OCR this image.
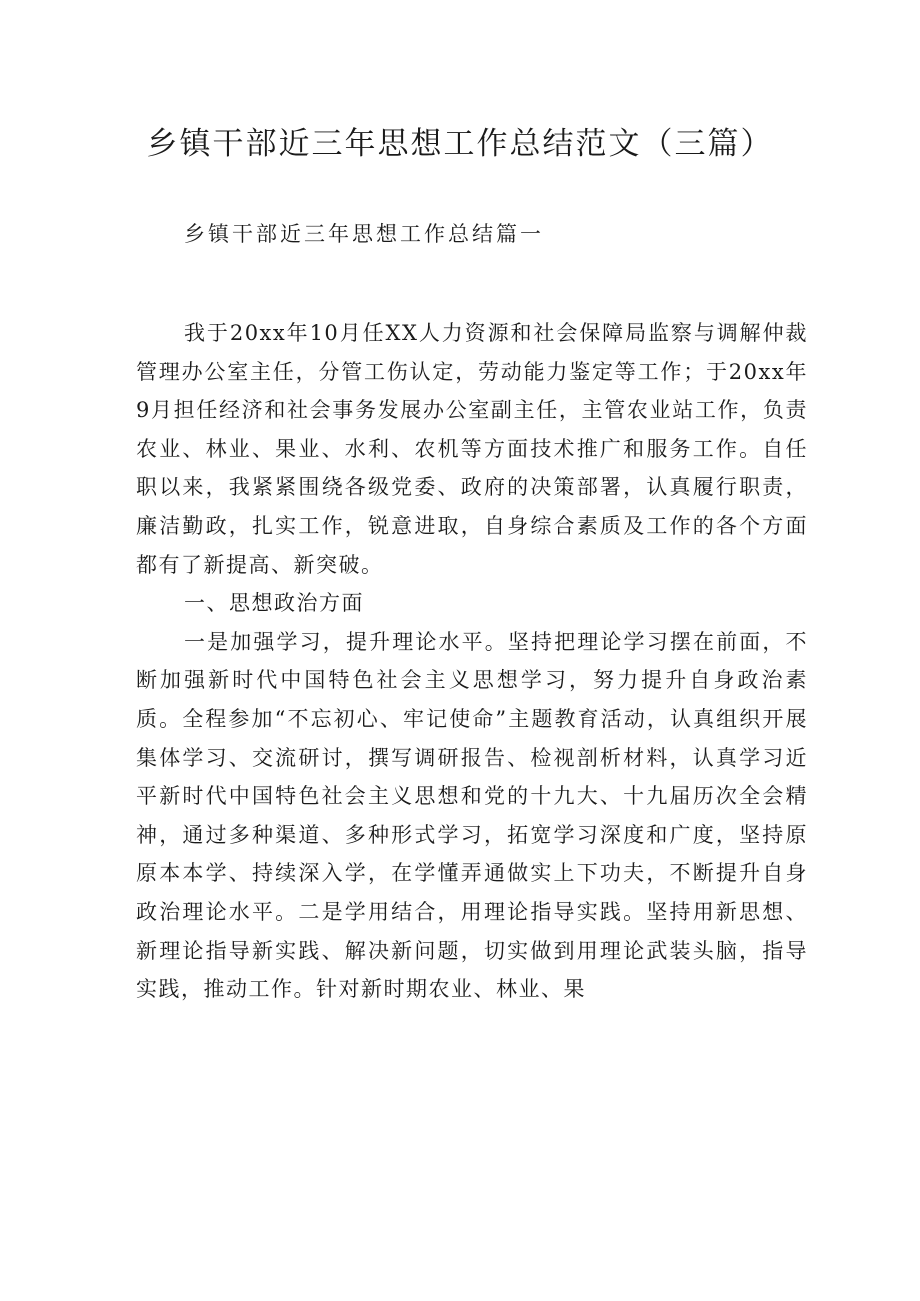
乡镇干部近三年思想工作总结范文（三篇）

乡镇干部近三年思想工作总结篇一

我于20xx年10月任XX人力资源和社会保障局监察与调解仲裁管理办公室主任，分管工伤认定，劳动能力鉴定等工作；于20xx年9月担任经济和社会事务发展办公室副主任，主管农业站工作，负责农业、林业、果业、水利、农机等方面技术推广和服务工作。自任职以来，我紧紧围绕各级党委、政府的决策部署，认真履行职责，廉洁勤政，扎实工作，锐意进取，自身综合素质及工作的各个方面都有了新提高、新突破。

一、思想政治方面

一是加强学习，提升理论水平。坚持把理论学习摆在前面，不断加强新时代中国特色社会主义思想学习，努力提升自身政治素质。全程参加“不忘初心、牢记使命”主题教育活动，认真组织开展集体学习、交流研讨，撰写调研报告、检视剖析材料，认真学习近平新时代中国特色社会主义思想和党的十九大、十九届历次全会精神，通过多种渠道、多种形式学习，拓宽学习深度和广度，坚持原原本本学、持续深入学，在学懂弄通做实上下功夫，不断提升自身政治理论水平。二是学用结合，用理论指导实践。坚持用新思想、新理论指导新实践、解决新问题，切实做到用理论武装头脑，指导实践，推动工作。针对新时期农业、林业、果
